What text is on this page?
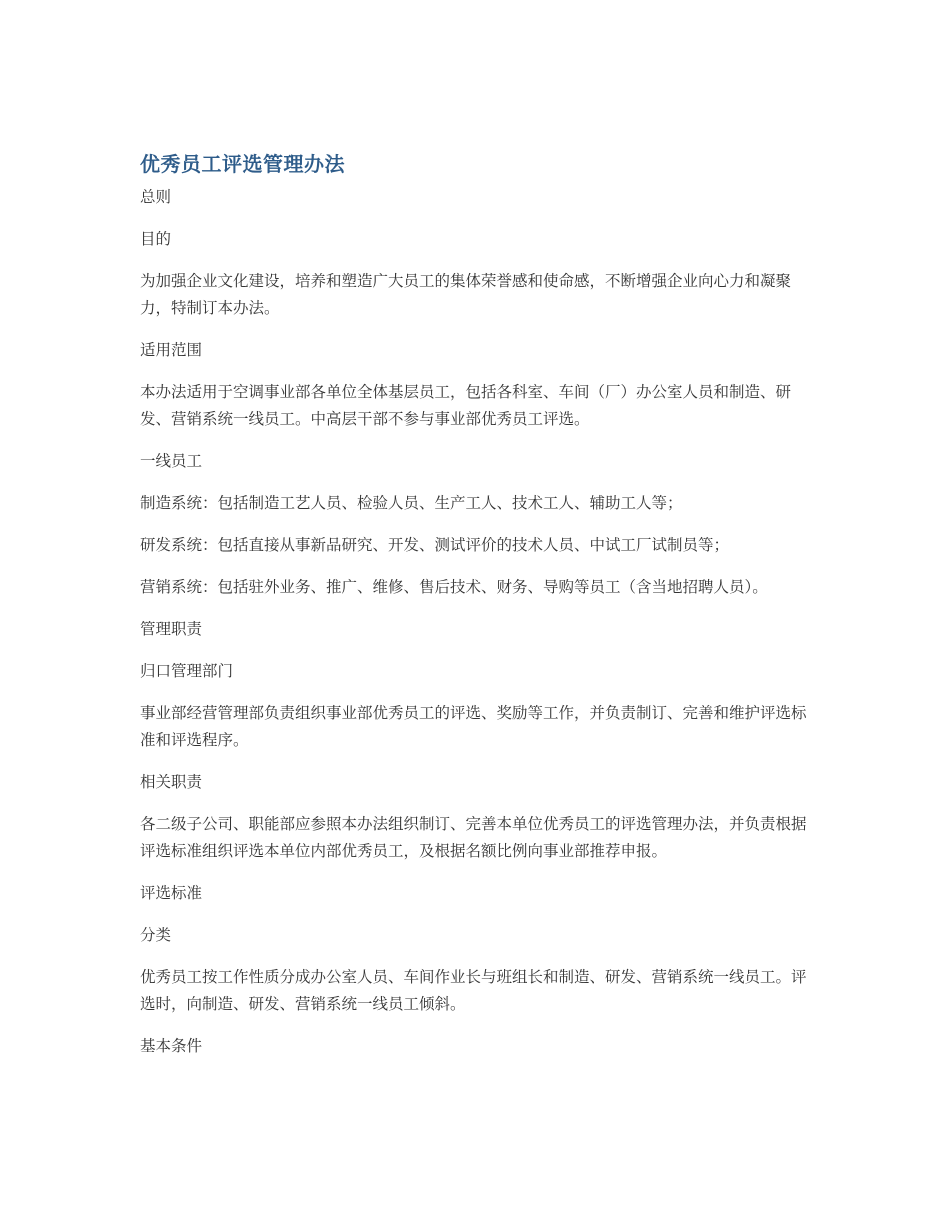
优秀员工评选管理办法

总则

目的

为加强企业文化建设，培养和塑造广大员工的集体荣誉感和使命感，不断增强企业向心力和凝聚力，特制订本办法。

适用范围

本办法适用于空调事业部各单位全体基层员工，包括各科室、车间（厂）办公室人员和制造、研发、营销系统一线员工。中高层干部不参与事业部优秀员工评选。

一线员工

制造系统：包括制造工艺人员、检验人员、生产工人、技术工人、辅助工人等；

研发系统：包括直接从事新品研究、开发、测试评价的技术人员、中试工厂试制员等；

营销系统：包括驻外业务、推广、维修、售后技术、财务、导购等员工（含当地招聘人员）。

管理职责

归口管理部门

事业部经营管理部负责组织事业部优秀员工的评选、奖励等工作，并负责制订、完善和维护评选标准和评选程序。

相关职责

各二级子公司、职能部应参照本办法组织制订、完善本单位优秀员工的评选管理办法，并负责根据评选标准组织评选本单位内部优秀员工，及根据名额比例向事业部推荐申报。

评选标准

分类

优秀员工按工作性质分成办公室人员、车间作业长与班组长和制造、研发、营销系统一线员工。评选时，向制造、研发、营销系统一线员工倾斜。

基本条件
